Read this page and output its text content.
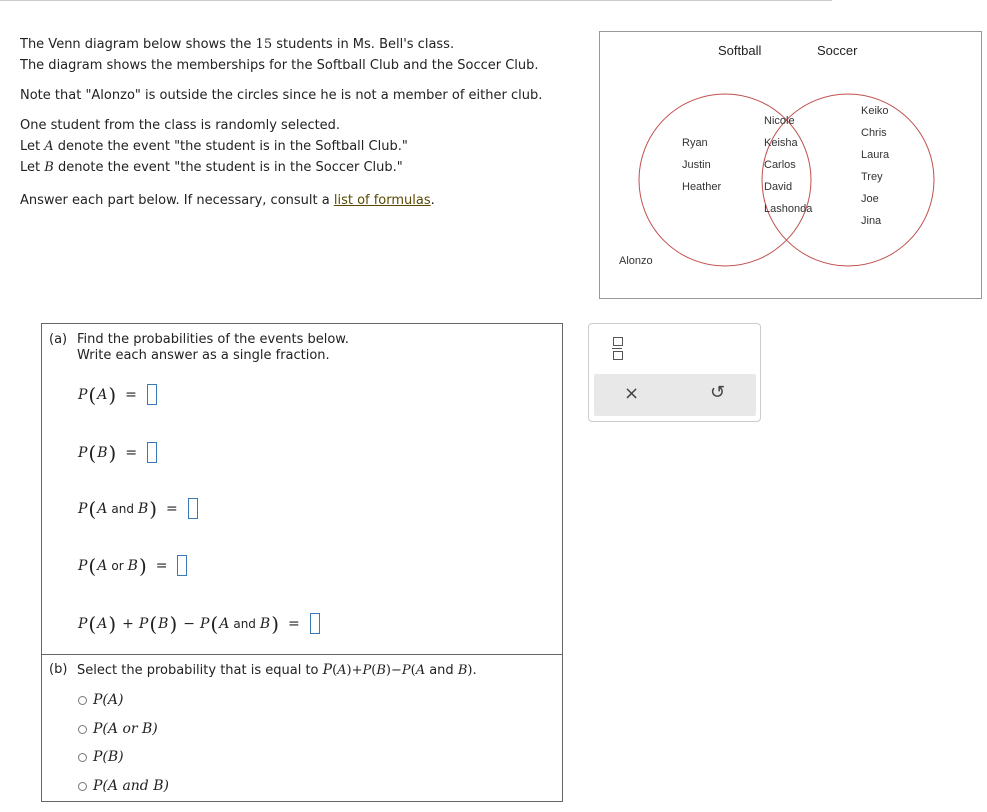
The Venn diagram below shows the 15 students in Ms. Bell's class.

The diagram shows the memberships for the Softball Club and the Soccer Club.

Note that "Alonzo" is outside the circles since he is not a member of either club.

One student from the class is randomly selected.

Let A denote the event "the student is in the Softball Club."

Let B denote the event "the student is in the Soccer Club."

Answer each part below. If necessary, consult a list of formulas.

Softball	Soccer
Ryan
Justin
Heather
Nicole
Keisha
Carlos
David
Lashonda
Keiko
Chris
Laura
Trey
Joe
Jina
Alonzo
(a) Find the probabilities of the events below.
Write each answer as a single fraction.
P ( A ) =
P ( B ) =
P ( A and B ) =
P ( A or B ) =
P ( A ) + P ( B ) − P ( A and B ) =
(b) Select the probability that is equal to P(A)+P(B)−P(A and B).
P(A)
P(A or B)
P(B)
P(A and B)
×	↺
